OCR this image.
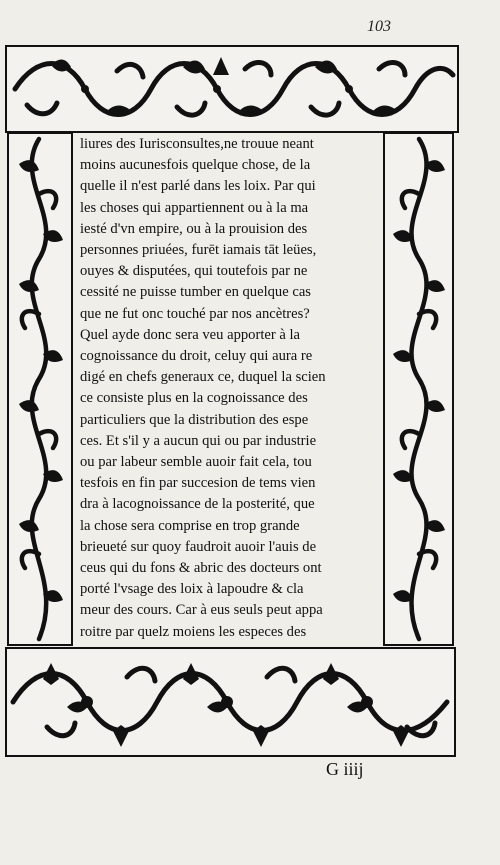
103
liures des Iurisconsultes,ne trouue neant
moins aucunesfois quelque chose, de la
quelle il n'est parlé dans les loix. Par qui
les choses qui appartiennent ou à la ma
iesté d'vn empire, ou à la prouision des
personnes priuées, furēt iamais tāt leües,
ouyes & disputées, qui toutefois par ne
cessité ne puisse tumber en quelque cas
que ne fut onc touché par nos ancètres?
Quel ayde donc sera veu apporter à la
cognoissance du droit, celuy qui aura re
digé en chefs generaux ce, duquel la scien
ce consiste plus en la cognoissance des
particuliers que la distribution des espe
ces. Et s'il y a aucun qui ou par industrie
ou par labeur semble auoir fait cela, tou
tesfois en fin par succesion de tems vien
dra à lacognoissance de la posterité, que
la chose sera comprise en trop grande
brieueté sur quoy faudroit auoir l'auis de
ceus qui du fons & abric des docteurs ont
porté l'vsage des loix à lapoudre & cla
meur des cours. Car à eus seuls peut appa
roitre par quelz moiens les especes des
G iiij
